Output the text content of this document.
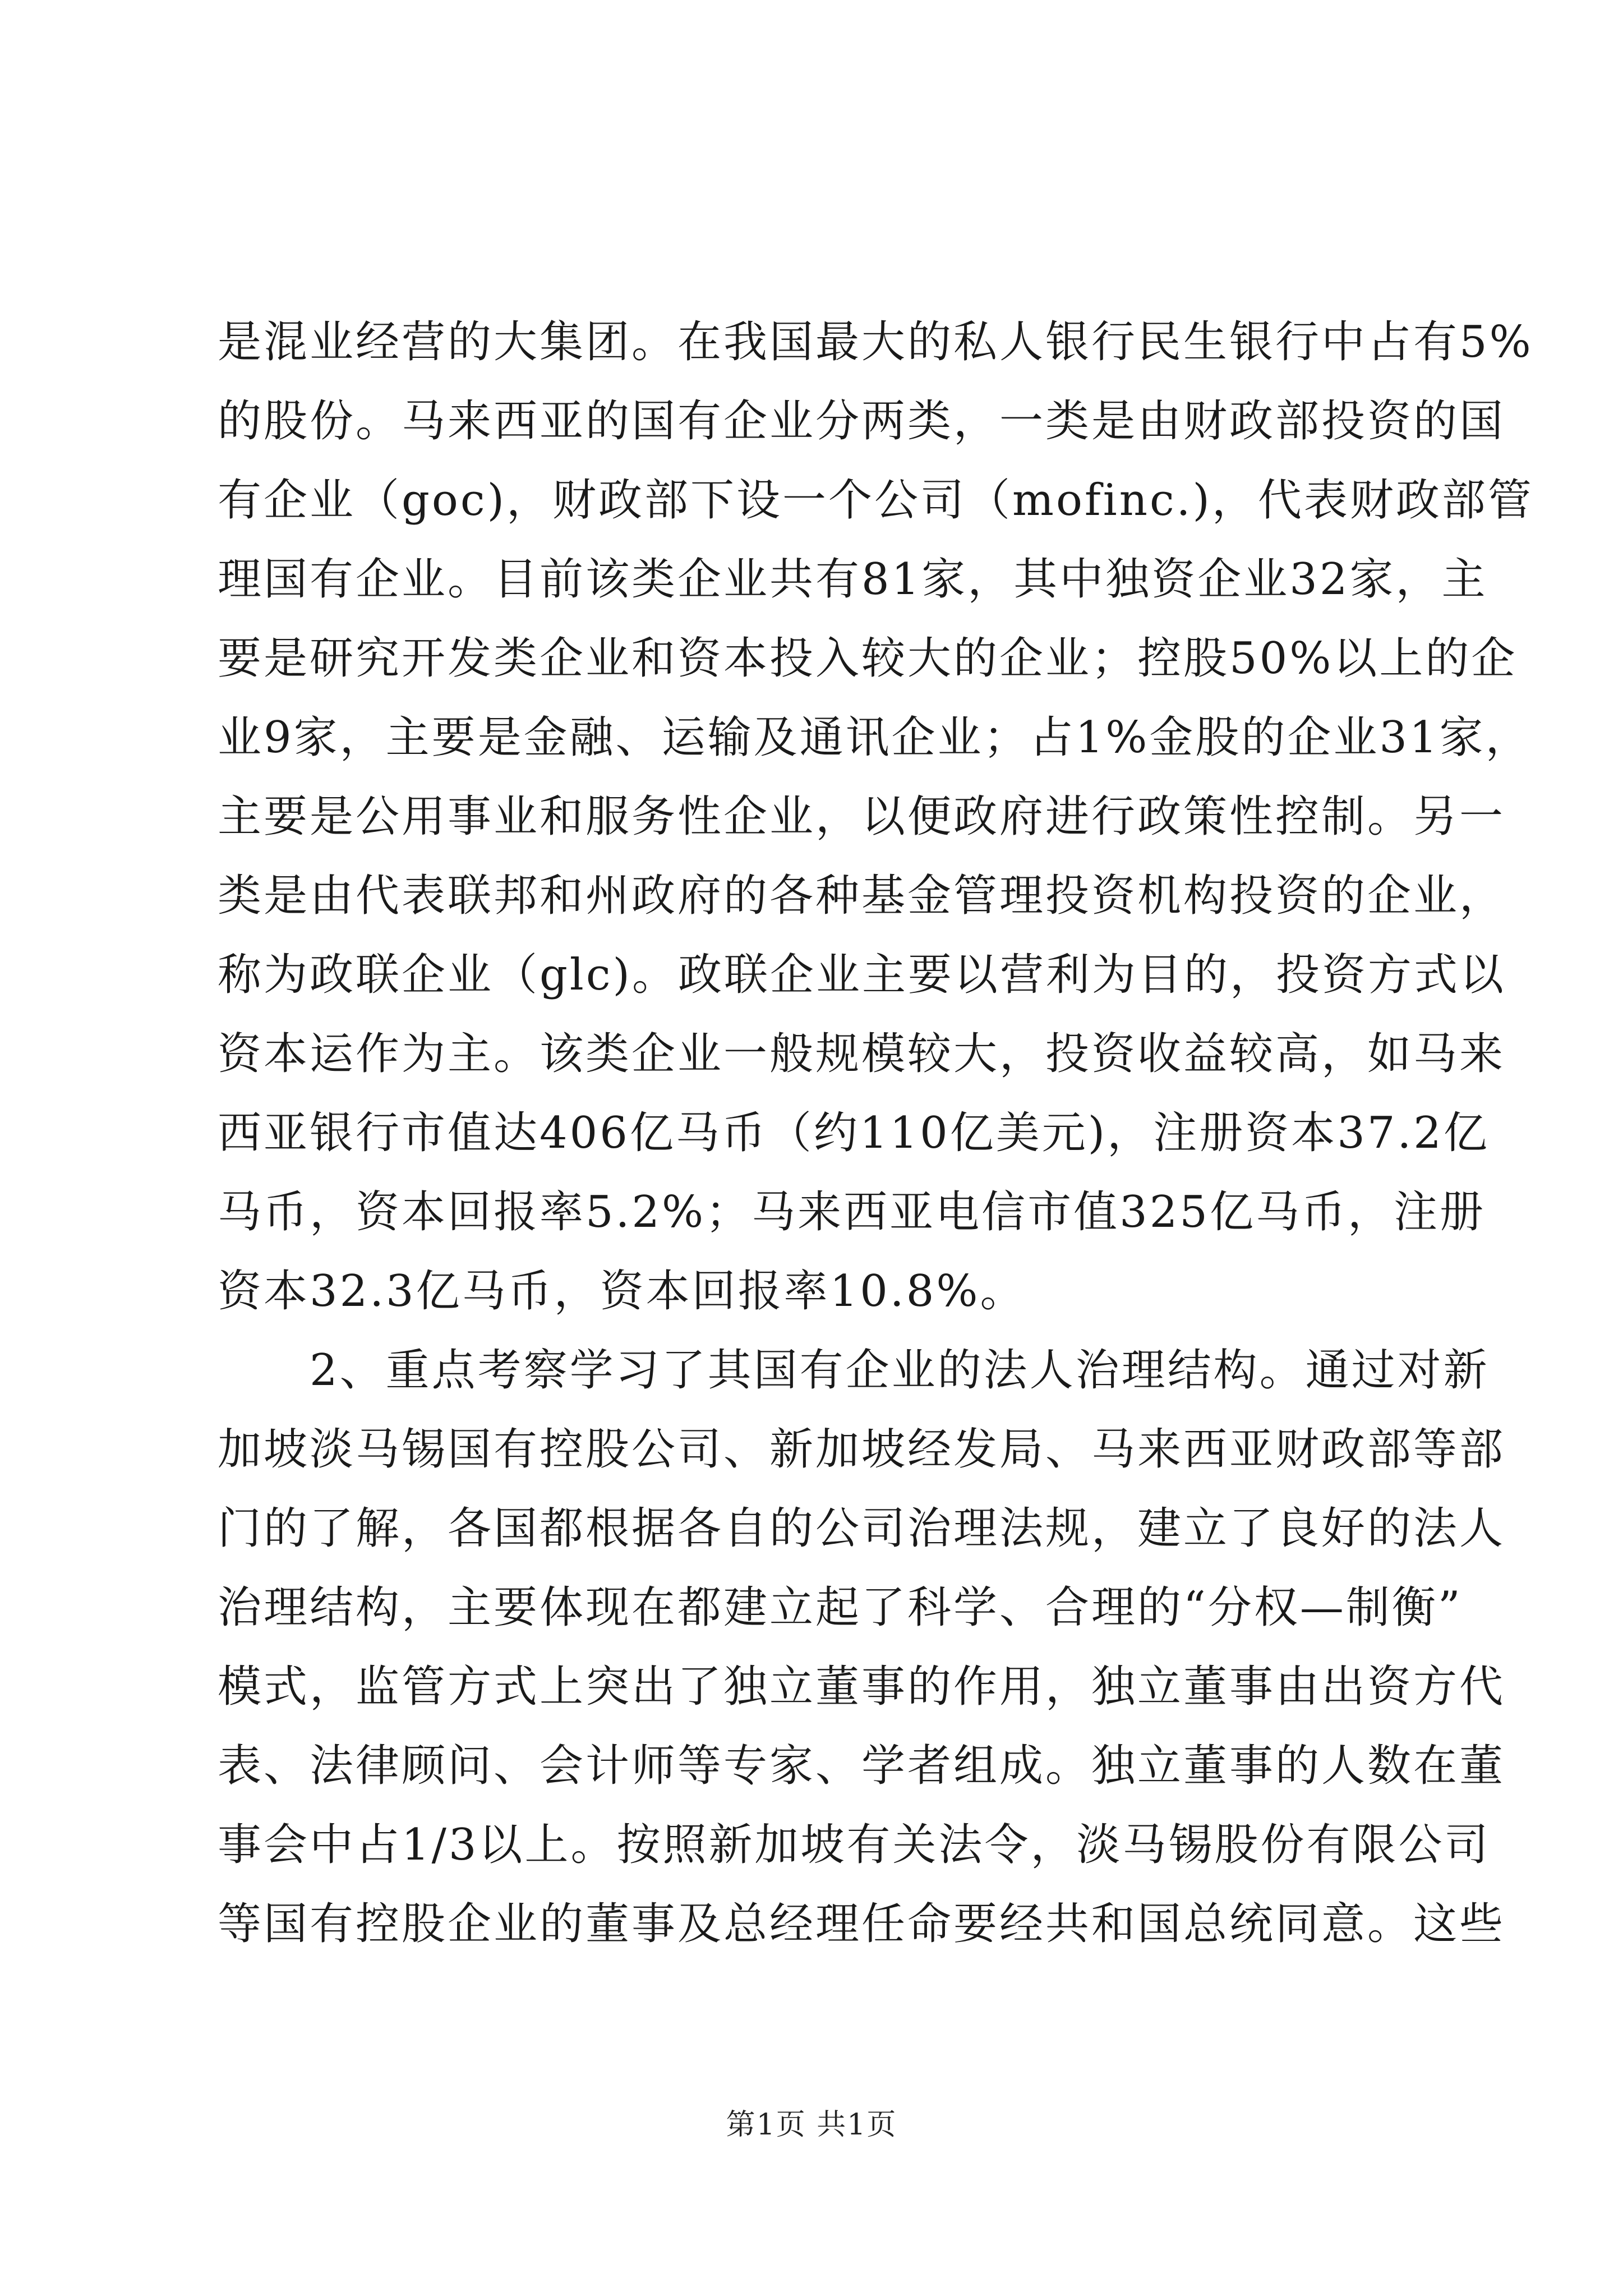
是混业经营的大集团。在我国最大的私人银行民生银行中占有5%
的股份。马来西亚的国有企业分两类，一类是由财政部投资的国
有企业（goc)，财政部下设一个公司（mofinc.)，代表财政部管
理国有企业。目前该类企业共有81家，其中独资企业32家，主
要是研究开发类企业和资本投入较大的企业；控股50%以上的企
业9家，主要是金融、运输及通讯企业；占1%金股的企业31家，
主要是公用事业和服务性企业，以便政府进行政策性控制。另一
类是由代表联邦和州政府的各种基金管理投资机构投资的企业，
称为政联企业（glc)。政联企业主要以营利为目的，投资方式以
资本运作为主。该类企业一般规模较大，投资收益较高，如马来
西亚银行市值达406亿马币（约110亿美元)，注册资本37.2亿
马币，资本回报率5.2%；马来西亚电信市值325亿马币，注册
资本32.3亿马币，资本回报率10.8%。
　　2、重点考察学习了其国有企业的法人治理结构。通过对新
加坡淡马锡国有控股公司、新加坡经发局、马来西亚财政部等部
门的了解，各国都根据各自的公司治理法规，建立了良好的法人
治理结构，主要体现在都建立起了科学、合理的“分权—制衡”
模式，监管方式上突出了独立董事的作用，独立董事由出资方代
表、法律顾问、会计师等专家、学者组成。独立董事的人数在董
事会中占1/3以上。按照新加坡有关法令，淡马锡股份有限公司
等国有控股企业的董事及总经理任命要经共和国总统同意。这些
第1页 共1页
